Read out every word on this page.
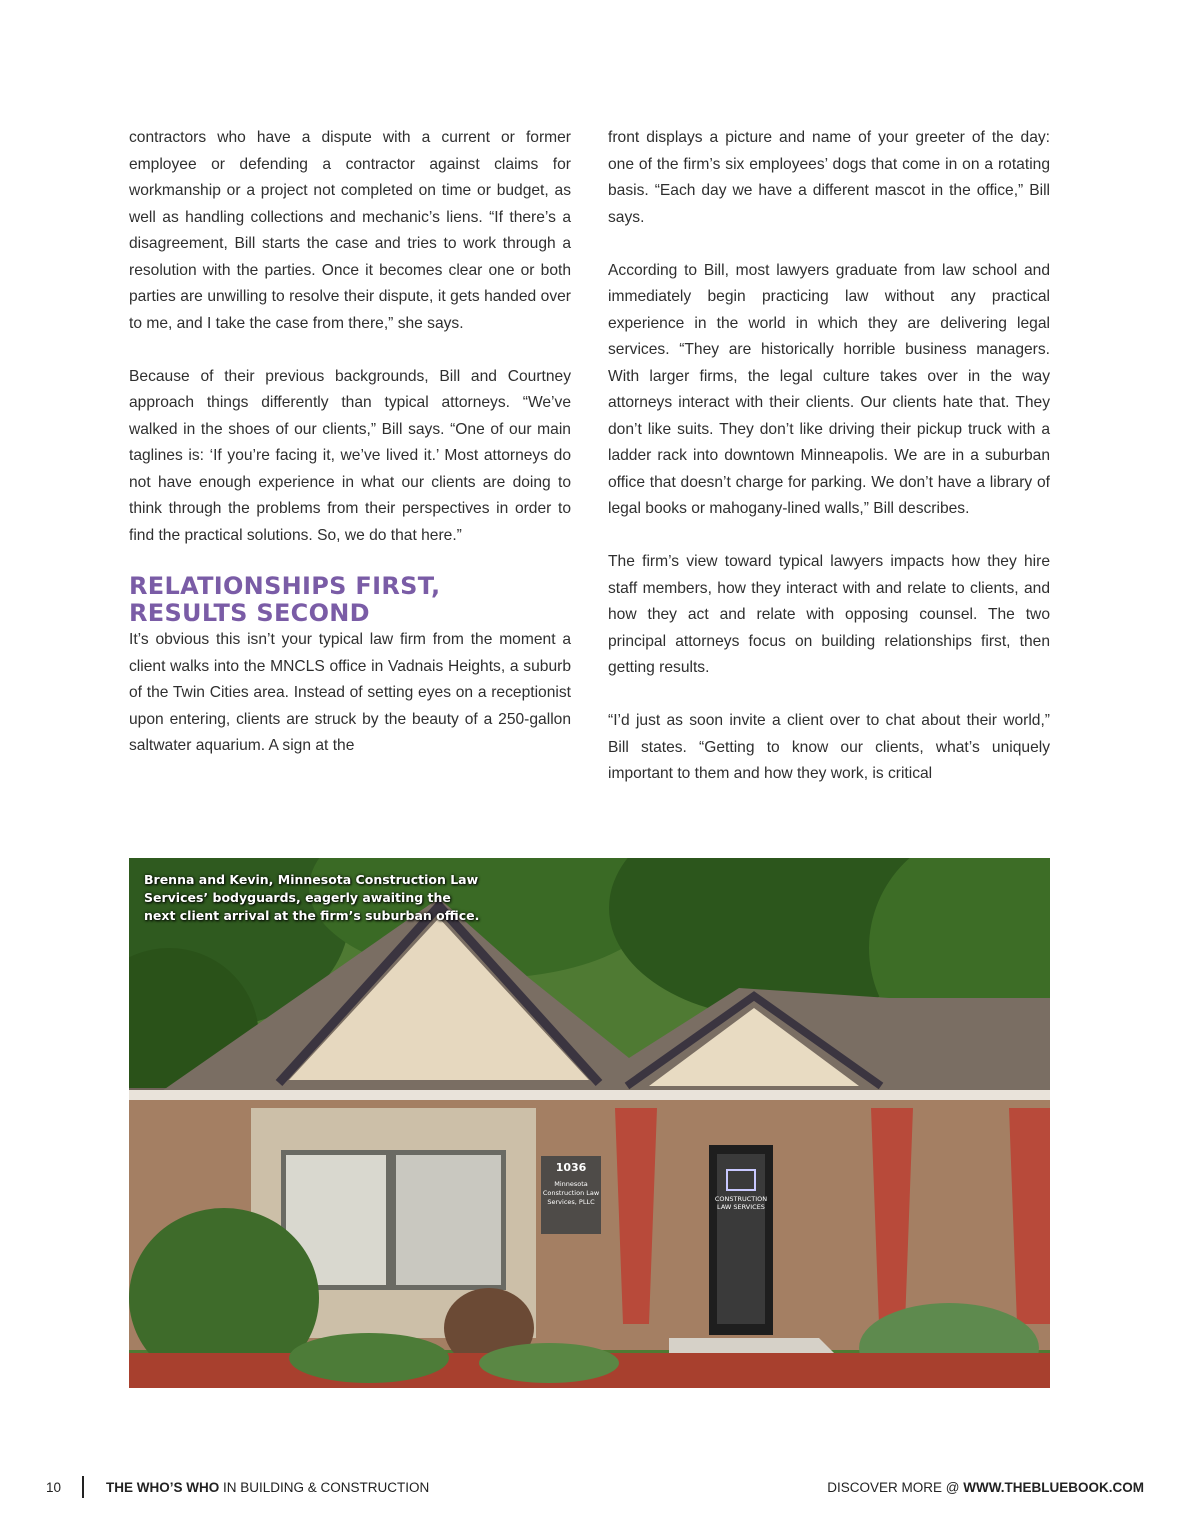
contractors who have a dispute with a current or former employee or defending a contractor against claims for workmanship or a project not completed on time or budget, as well as handling collections and mechanic’s liens. “If there’s a disagreement, Bill starts the case and tries to work through a resolution with the parties. Once it becomes clear one or both parties are unwilling to resolve their dispute, it gets handed over to me, and I take the case from there,” she says.

Because of their previous backgrounds, Bill and Courtney approach things differently than typical attorneys. “We’ve walked in the shoes of our clients,” Bill says. “One of our main taglines is: ‘If you’re facing it, we’ve lived it.’ Most attorneys do not have enough experience in what our clients are doing to think through the problems from their perspectives in order to find the practical solutions. So, we do that here.”

RELATIONSHIPS FIRST,
RESULTS SECOND

It’s obvious this isn’t your typical law firm from the moment a client walks into the MNCLS office in Vadnais Heights, a suburb of the Twin Cities area. Instead of setting eyes on a receptionist upon entering, clients are struck by the beauty of a 250-gallon saltwater aquarium. A sign at the

front displays a picture and name of your greeter of the day: one of the firm’s six employees’ dogs that come in on a rotating basis. “Each day we have a different mascot in the office,” Bill says.

According to Bill, most lawyers graduate from law school and immediately begin practicing law without any practical experience in the world in which they are delivering legal services. “They are historically horrible business managers. With larger firms, the legal culture takes over in the way attorneys interact with their clients. Our clients hate that. They don’t like suits. They don’t like driving their pickup truck with a ladder rack into downtown Minneapolis. We are in a suburban office that doesn’t charge for parking. We don’t have a library of legal books or mahogany-lined walls,” Bill describes.

The firm’s view toward typical lawyers impacts how they hire staff members, how they interact with and relate to clients, and how they act and relate with opposing counsel. The two principal attorneys focus on building relationships first, then getting results.

“I’d just as soon invite a client over to chat about their world,” Bill states. “Getting to know our clients, what’s uniquely important to them and how they work, is critical

1036
Minnesota
Construction Law
Services, PLLC	CONSTRUCTION
LAW SERVICES
Brenna and Kevin, Minnesota Construction Law Services’ bodyguards, eagerly awaiting the next client arrival at the firm’s suburban office.
10	THE WHO’S WHO IN BUILDING & CONSTRUCTION	DISCOVER MORE @ WWW.THEBLUEBOOK.COM
